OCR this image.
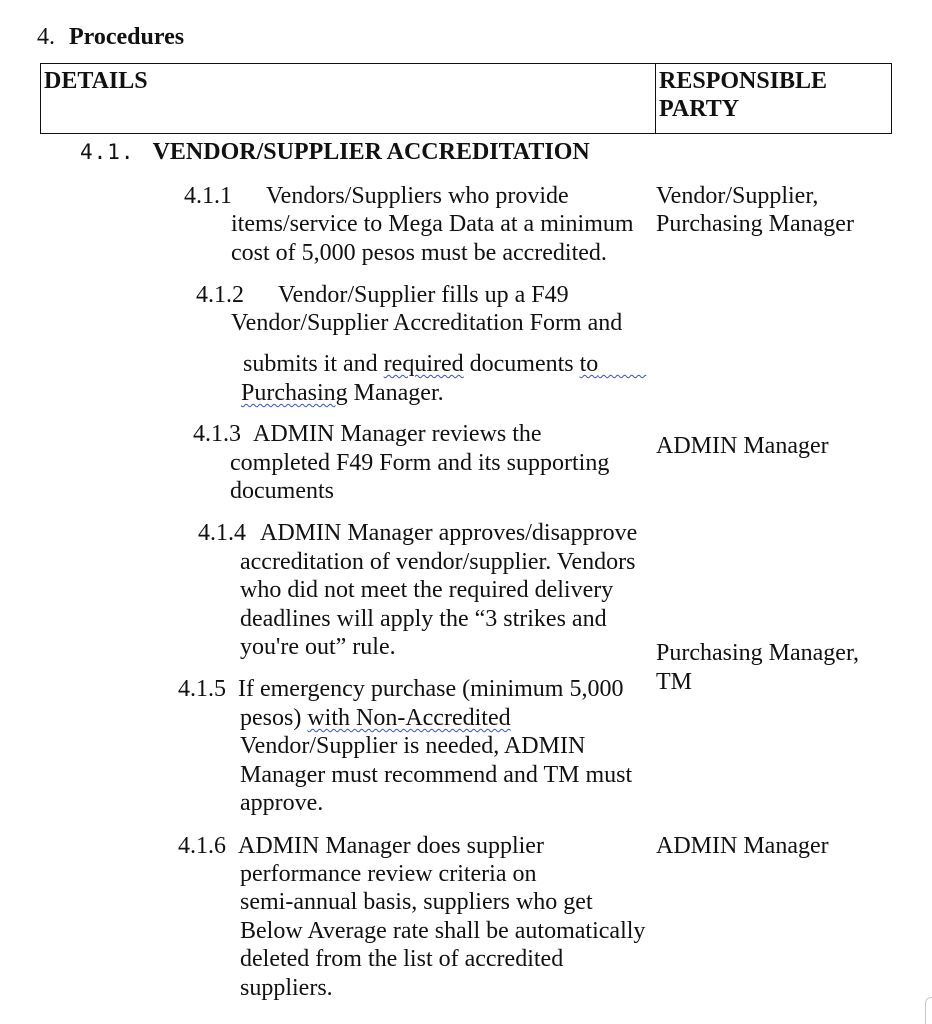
4. Procedures
DETAILS	RESPONSIBLE PARTY
4.1. VENDOR/SUPPLIER ACCREDITATION
4.1.1 Vendors/Suppliers who provide
items/service to Mega Data at a minimum
cost of 5,000 pesos must be accredited.
Vendor/Supplier,
Purchasing Manager
4.1.2 Vendor/Supplier fills up a F49
Vendor/Supplier Accreditation Form and
submits it and required documents to
Purchasing Manager.
4.1.3 ADMIN Manager reviews the
completed F49 Form and its supporting
documents
ADMIN Manager
4.1.4 ADMIN Manager approves/disapprove
accreditation of vendor/supplier. Vendors
who did not meet the required delivery
deadlines will apply the “3 strikes and
you're out” rule.	Purchasing Manager,
TM
4.1.5 If emergency purchase (minimum 5,000
pesos) with Non-Accredited
Vendor/Supplier is needed, ADMIN
Manager must recommend and TM must
approve.
4.1.6 ADMIN Manager does supplier
performance review criteria on
semi-annual basis, suppliers who get
Below Average rate shall be automatically
deleted from the list of accredited
suppliers.
ADMIN Manager
